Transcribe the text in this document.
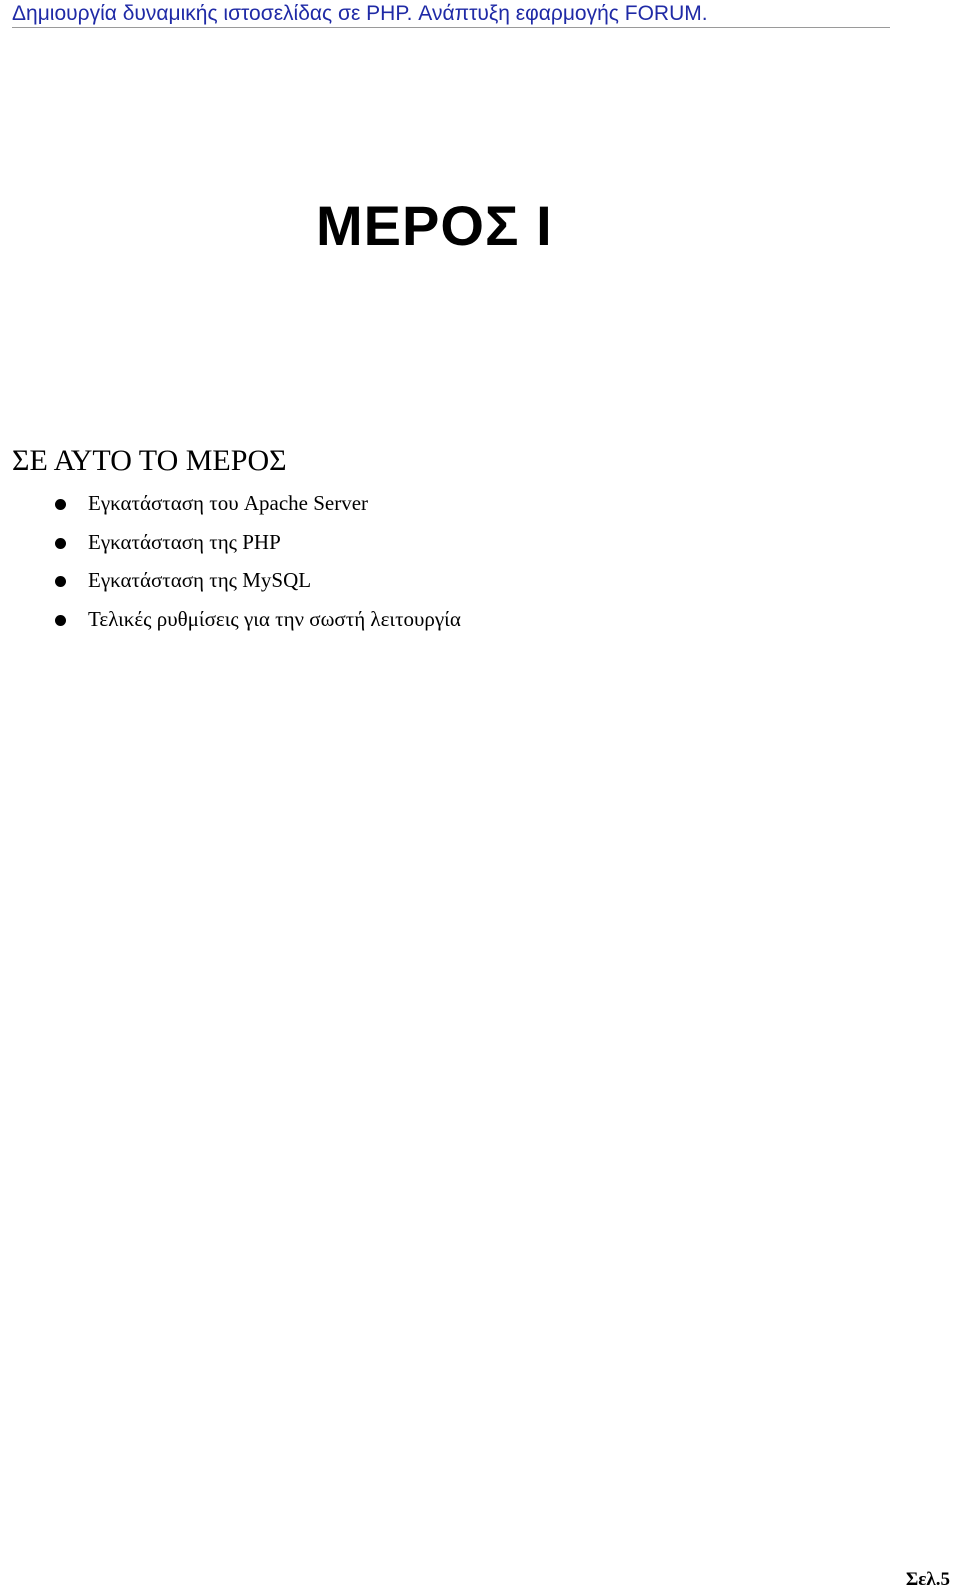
Δημιουργία δυναμικής ιστοσελίδας σε PHP. Ανάπτυξη εφαρμογής FORUM.
ΜΕΡΟΣ Ι
ΣΕ ΑΥΤΟ ΤΟ ΜΕΡΟΣ
Εγκατάσταση του Apache Server
Εγκατάσταση της PHP
Εγκατάσταση της MySQL
Τελικές ρυθμίσεις για την σωστή λειτουργία
Σελ.5
